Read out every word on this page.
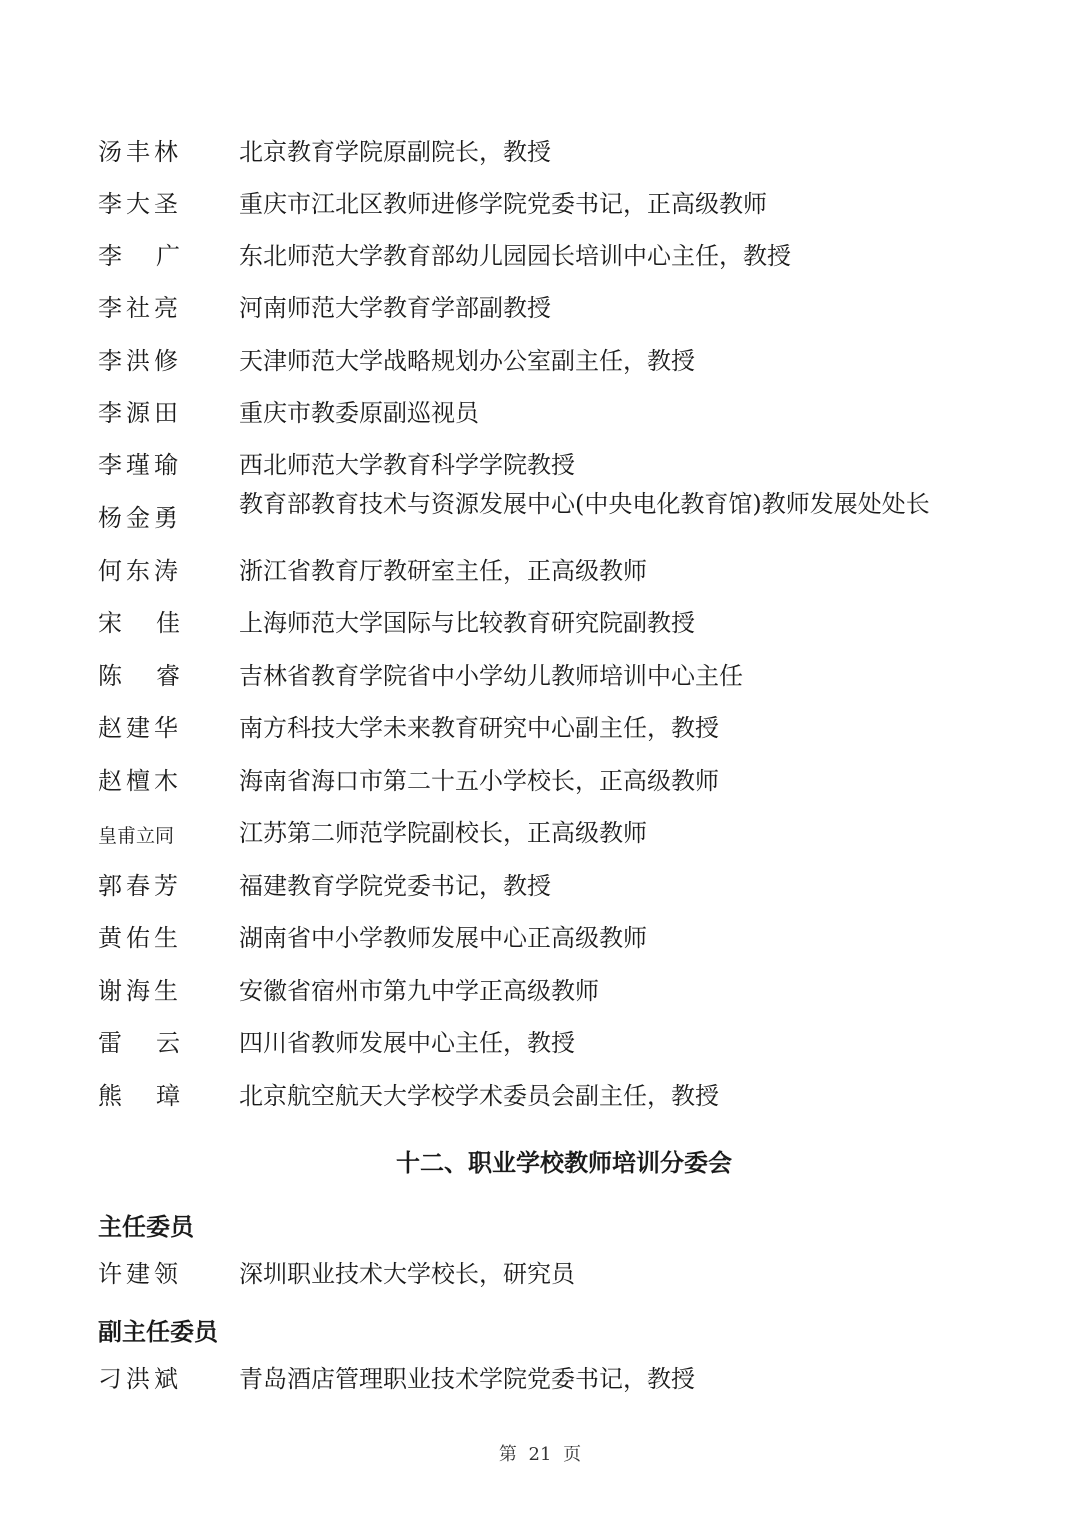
汤丰林 北京教育学院原副院长，教授
李大圣 重庆市江北区教师进修学院党委书记，正高级教师
李 广 东北师范大学教育部幼儿园园长培训中心主任，教授
李社亮 河南师范大学教育学部副教授
李洪修 天津师范大学战略规划办公室副主任，教授
李源田 重庆市教委原副巡视员
李瑾瑜 西北师范大学教育科学学院教授
杨金勇 教育部教育技术与资源发展中心(中央电化教育馆)教师发展处处长
何东涛 浙江省教育厅教研室主任，正高级教师
宋 佳 上海师范大学国际与比较教育研究院副教授
陈 睿 吉林省教育学院省中小学幼儿教师培训中心主任
赵建华 南方科技大学未来教育研究中心副主任，教授
赵檀木 海南省海口市第二十五小学校长，正高级教师
皇甫立同	江苏第二师范学院副校长，正高级教师
郭春芳 福建教育学院党委书记，教授
黄佑生 湖南省中小学教师发展中心正高级教师
谢海生 安徽省宿州市第九中学正高级教师
雷 云 四川省教师发展中心主任，教授
熊 璋 北京航空航天大学校学术委员会副主任，教授
十二、职业学校教师培训分委会
主任委员
许建领 深圳职业技术大学校长，研究员
副主任委员
刁洪斌 青岛酒店管理职业技术学院党委书记，教授
第 21 页
